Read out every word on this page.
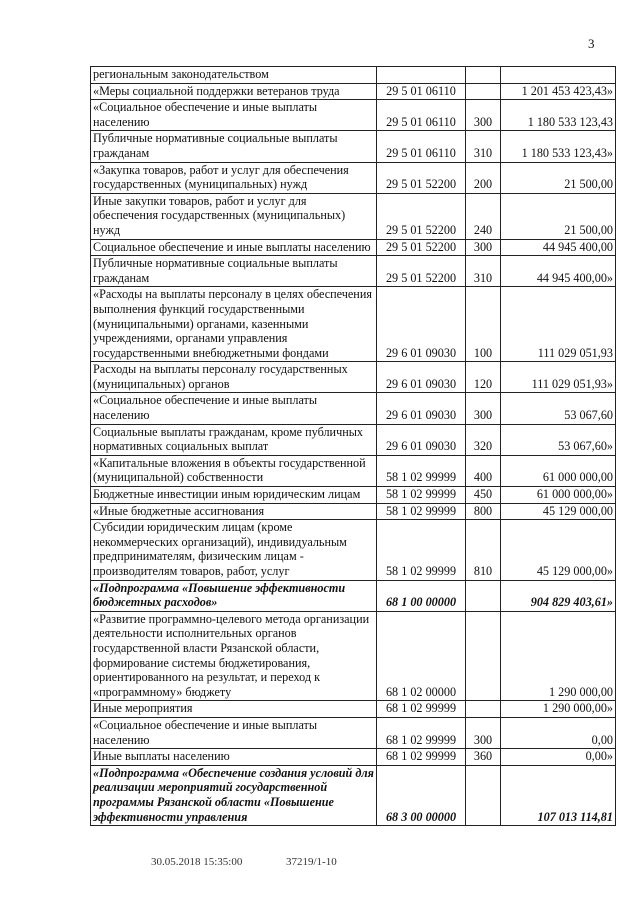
3
региональным законодательством			
«Меры социальной поддержки ветеранов труда	29 5 01 06110		1 201 453 423,43»
«Социальное обеспечение и иные выплаты населению	29 5 01 06110	300	1 180 533 123,43
Публичные нормативные социальные выплаты гражданам	29 5 01 06110	310	1 180 533 123,43»
«Закупка товаров, работ и услуг для обеспечения государственных (муниципальных) нужд	29 5 01 52200	200	21 500,00
Иные закупки товаров, работ и услуг для обеспечения государственных (муниципальных) нужд	29 5 01 52200	240	21 500,00
Социальное обеспечение и иные выплаты населению	29 5 01 52200	300	44 945 400,00
Публичные нормативные социальные выплаты гражданам	29 5 01 52200	310	44 945 400,00»
«Расходы на выплаты персоналу в целях обеспечения выполнения функций государственными (муниципальными) органами, казенными учреждениями, органами управления государственными внебюджетными фондами	29 6 01 09030	100	111 029 051,93
Расходы на выплаты персоналу государственных (муниципальных) органов	29 6 01 09030	120	111 029 051,93»
«Социальное обеспечение и иные выплаты населению	29 6 01 09030	300	53 067,60
Социальные выплаты гражданам, кроме публичных нормативных социальных выплат	29 6 01 09030	320	53 067,60»
«Капитальные вложения в объекты государственной (муниципальной) собственности	58 1 02 99999	400	61 000 000,00
Бюджетные инвестиции иным юридическим лицам	58 1 02 99999	450	61 000 000,00»
«Иные бюджетные ассигнования	58 1 02 99999	800	45 129 000,00
Субсидии юридическим лицам (кроме некоммерческих организаций), индивидуальным предпринимателям, физическим лицам - производителям товаров, работ, услуг	58 1 02 99999	810	45 129 000,00»
«Подпрограмма «Повышение эффективности бюджетных расходов»	68 1 00 00000		904 829 403,61»
«Развитие программно-целевого метода организации деятельности исполнительных органов государственной власти Рязанской области, формирование системы бюджетирования, ориентированного на результат, и переход к «программному» бюджету	68 1 02 00000		1 290 000,00
Иные мероприятия	68 1 02 99999		1 290 000,00»
«Социальное обеспечение и иные выплаты населению	68 1 02 99999	300	0,00
Иные выплаты населению	68 1 02 99999	360	0,00»
«Подпрограмма «Обеспечение создания условий для реализации мероприятий государственной программы Рязанской области «Повышение эффективности управления	68 3 00 00000		107 013 114,81
30.05.2018 15:35:00	37219/1-10
